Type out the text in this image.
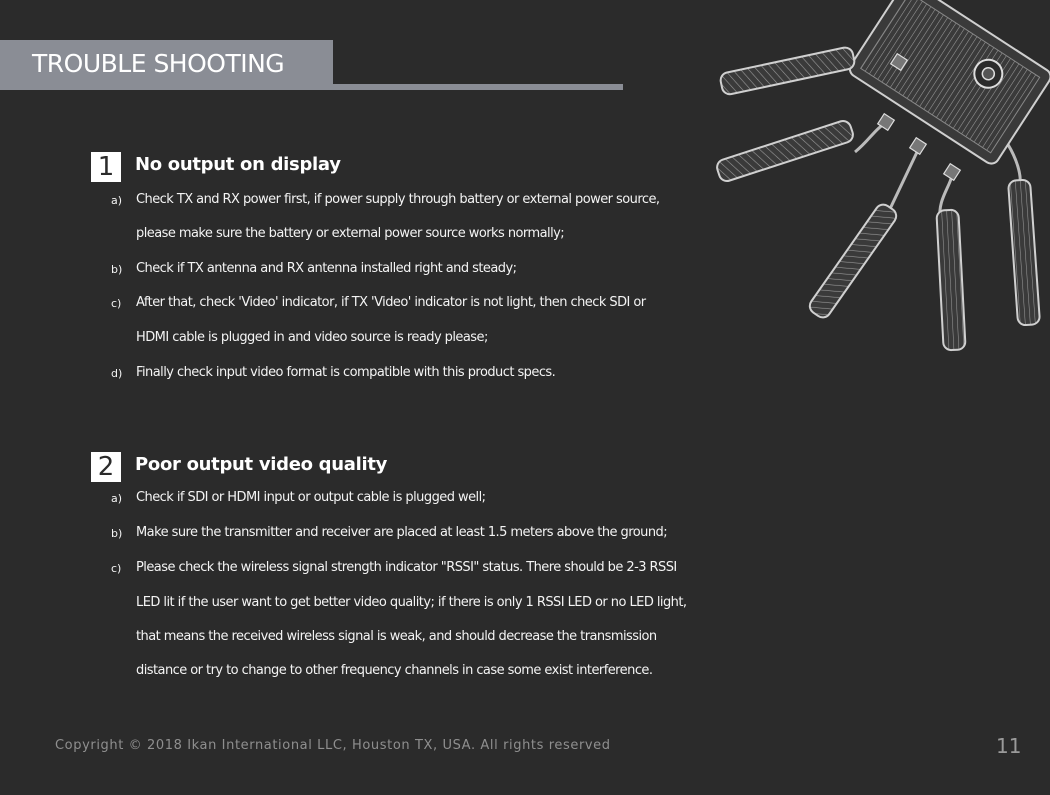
TROUBLE SHOOTING
1	No output on display
a) Check TX and RX power first, if power supply through battery or external power source,
please make sure the battery or external power source works normally;
b) Check if TX antenna and RX antenna installed right and steady;
c) After that, check 'Video' indicator, if TX 'Video' indicator is not light, then check SDI or
HDMI cable is plugged in and video source is ready please;
d) Finally check input video format is compatible with this product specs.
2	Poor output video quality
a) Check if SDI or HDMI input or output cable is plugged well;
b) Make sure the transmitter and receiver are placed at least 1.5 meters above the ground;
c) Please check the wireless signal strength indicator "RSSI" status. There should be 2-3 RSSI
LED lit if the user want to get better video quality; if there is only 1 RSSI LED or no LED light,
that means the received wireless signal is weak, and should decrease the transmission
distance or try to change to other frequency channels in case some exist interference.
Copyright © 2018 Ikan International LLC, Houston TX, USA. All rights reserved	11
